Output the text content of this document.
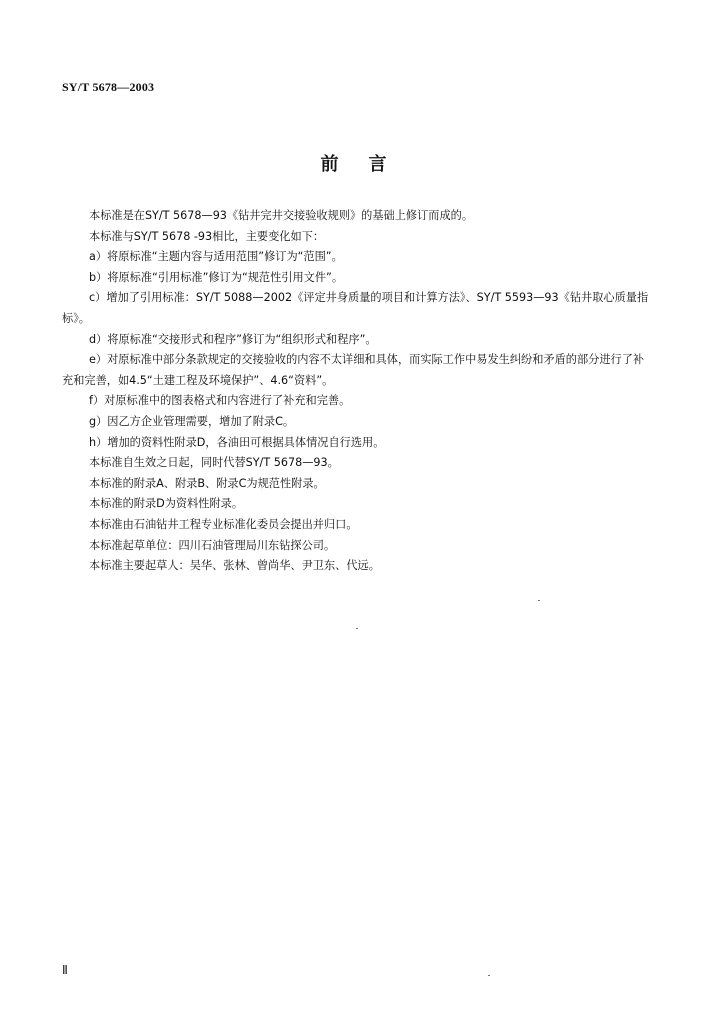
SY/T 5678—2003
前言

本标准是在SY/T 5678—93《钻井完井交接验收规则》的基础上修订而成的。

本标准与SY/T 5678 -93相比，主要变化如下：

a）将原标准“主题内容与适用范围”修订为“范围”。

b）将原标准“引用标准”修订为“规范性引用文件”。

c）增加了引用标准：SY/T 5088—2002《评定井身质量的项目和计算方法》、SY/T 5593—93《钻井取心质量指标》。

d）将原标准“交接形式和程序”修订为“组织形式和程序”。

e）对原标准中部分条款规定的交接验收的内容不太详细和具体，而实际工作中易发生纠纷和矛盾的部分进行了补充和完善，如4.5“土建工程及环境保护”、4.6“资料”。

f）对原标准中的图表格式和内容进行了补充和完善。

g）因乙方企业管理需要，增加了附录C。

h）增加的资料性附录D，各油田可根据具体情况自行选用。

本标准自生效之日起，同时代替SY/T 5678—93。

本标准的附录A、附录B、附录C为规范性附录。

本标准的附录D为资料性附录。

本标准由石油钻井工程专业标准化委员会提出并归口。

本标准起草单位：四川石油管理局川东钻探公司。

本标准主要起草人：吴华、张林、曾尚华、尹卫东、代远。

Ⅱ
